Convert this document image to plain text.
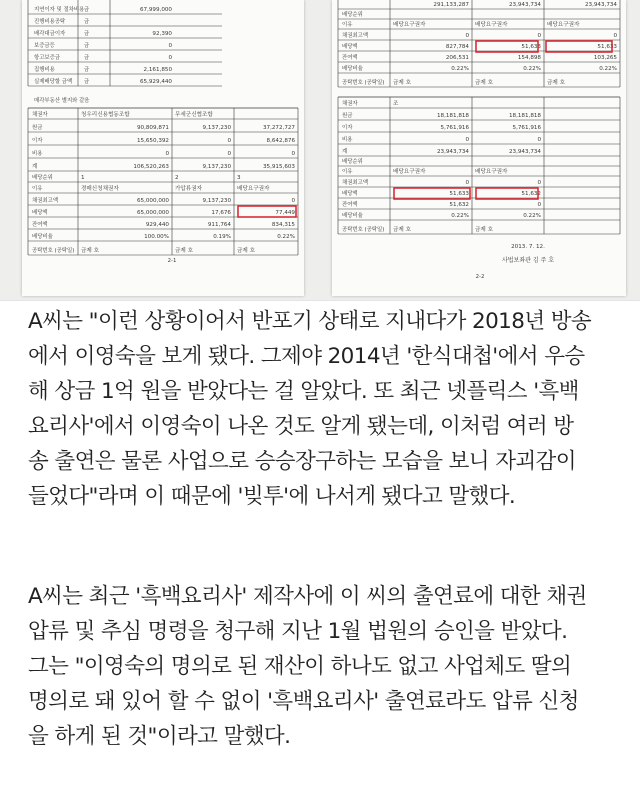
지연이자 및 절차비용 금	67,999,000
진행비용공탁	금
배각대금이자	금	92,390
보증금등	금	0
항고보증금	금	0
집행비용	금	2,161,850
실제배당할 금액 금	65,929,440
매각부동산 별지와 같음
채권자	청우리신용협동조합	무세군신협조합
원금	90,809,871	9,137,230	37,272,727
이자	15,650,392	0	8,642,876
비용	0	0	0
계	106,520,263	9,137,230	35,915,603
배당순위	1	2	3
이유	경매신청채권자	가압류권자	배당요구권자
채권최고액	65,000,000	9,137,230	0
배당액	65,000,000	17,676	77,449
잔여액	929,440	911,764	834,315
배당비율	100.00%	0.19%	0.22%
공탁번호 (공탁일) 금제 호	금제 호	금제 호
2-1
291,133,287	23,943,734	23,943,734
배당순위
이유	배당요구권자	배당요구권자	배당요구권자
채권최고액	0	0	0
배당액	827,784	51,633	51,633
잔여액	206,531	154,898	103,265
배당비율	0.22%	0.22%	0.22%
공탁번호 (공탁일) 금제 호	금제 호	금제 호
채권자	조
원금	18,181,818	18,181,818
이자	5,761,916	5,761,916
비용	0	0
계	23,943,734	23,943,734
배당순위
이유	배당요구권자	배당요구권자
채권최고액	0	0
배당액	51,633	51,632
잔여액	51,632	0
배당비율	0.22%	0.22%
공탁번호 (공탁일) 금제 호	금제 호
2013. 7. 12.
사법보좌관 김 주 호
2-2
A씨는 "이런 상황이어서 반포기 상태로 지내다가 2018년 방송
에서 이영숙을 보게 됐다. 그제야 2014년 '한식대첩'에서 우승
해 상금 1억 원을 받았다는 걸 알았다. 또 최근 넷플릭스 '흑백
요리사'에서 이영숙이 나온 것도 알게 됐는데, 이처럼 여러 방
송 출연은 물론 사업으로 승승장구하는 모습을 보니 자괴감이
들었다"라며 이 때문에 '빚투'에 나서게 됐다고 말했다.
A씨는 최근 '흑백요리사' 제작사에 이 씨의 출연료에 대한 채권
압류 및 추심 명령을 청구해 지난 1월 법원의 승인을 받았다.
그는 "이영숙의 명의로 된 재산이 하나도 없고 사업체도 딸의
명의로 돼 있어 할 수 없이 '흑백요리사' 출연료라도 압류 신청
을 하게 된 것"이라고 말했다.
